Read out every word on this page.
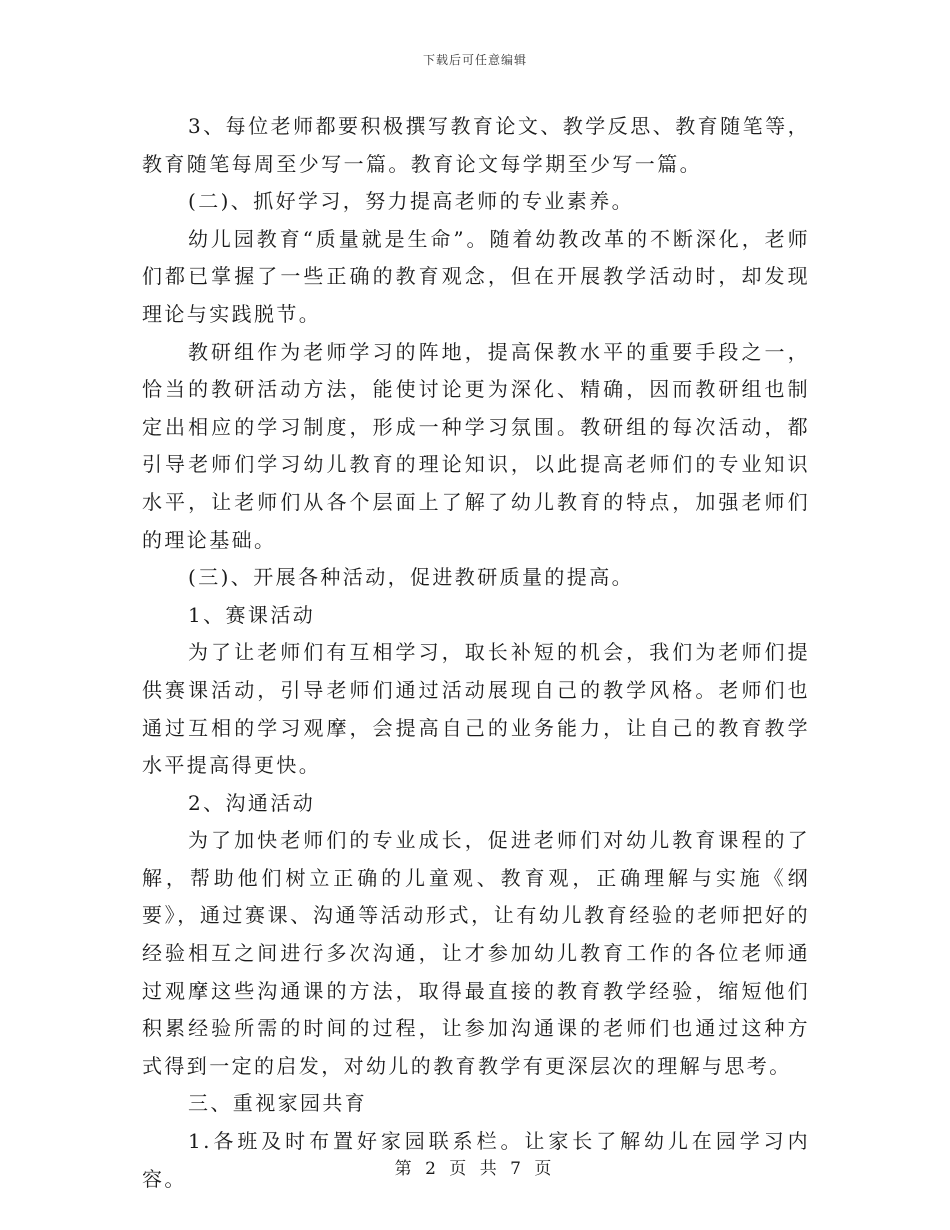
下载后可任意编辑

3、每位老师都要积极撰写教育论文、教学反思、教育随笔等，教育随笔每周至少写一篇。教育论文每学期至少写一篇。

(二)、抓好学习，努力提高老师的专业素养。

幼儿园教育“质量就是生命”。随着幼教改革的不断深化，老师们都已掌握了一些正确的教育观念，但在开展教学活动时，却发现理论与实践脱节。

教研组作为老师学习的阵地，提高保教水平的重要手段之一，恰当的教研活动方法，能使讨论更为深化、精确，因而教研组也制定出相应的学习制度，形成一种学习氛围。教研组的每次活动，都引导老师们学习幼儿教育的理论知识，以此提高老师们的专业知识水平，让老师们从各个层面上了解了幼儿教育的特点，加强老师们的理论基础。

(三)、开展各种活动，促进教研质量的提高。

1、赛课活动

为了让老师们有互相学习，取长补短的机会，我们为老师们提供赛课活动，引导老师们通过活动展现自己的教学风格。老师们也通过互相的学习观摩，会提高自己的业务能力，让自己的教育教学水平提高得更快。

2、沟通活动

为了加快老师们的专业成长，促进老师们对幼儿教育课程的了解，帮助他们树立正确的儿童观、教育观，正确理解与实施《纲要》，通过赛课、沟通等活动形式，让有幼儿教育经验的老师把好的经验相互之间进行多次沟通，让才参加幼儿教育工作的各位老师通过观摩这些沟通课的方法，取得最直接的教育教学经验，缩短他们积累经验所需的时间的过程，让参加沟通课的老师们也通过这种方式得到一定的启发，对幼儿的教育教学有更深层次的理解与思考。

三、重视家园共育

1.各班及时布置好家园联系栏。让家长了解幼儿在园学习内容。	第 2 页 共 7 页
